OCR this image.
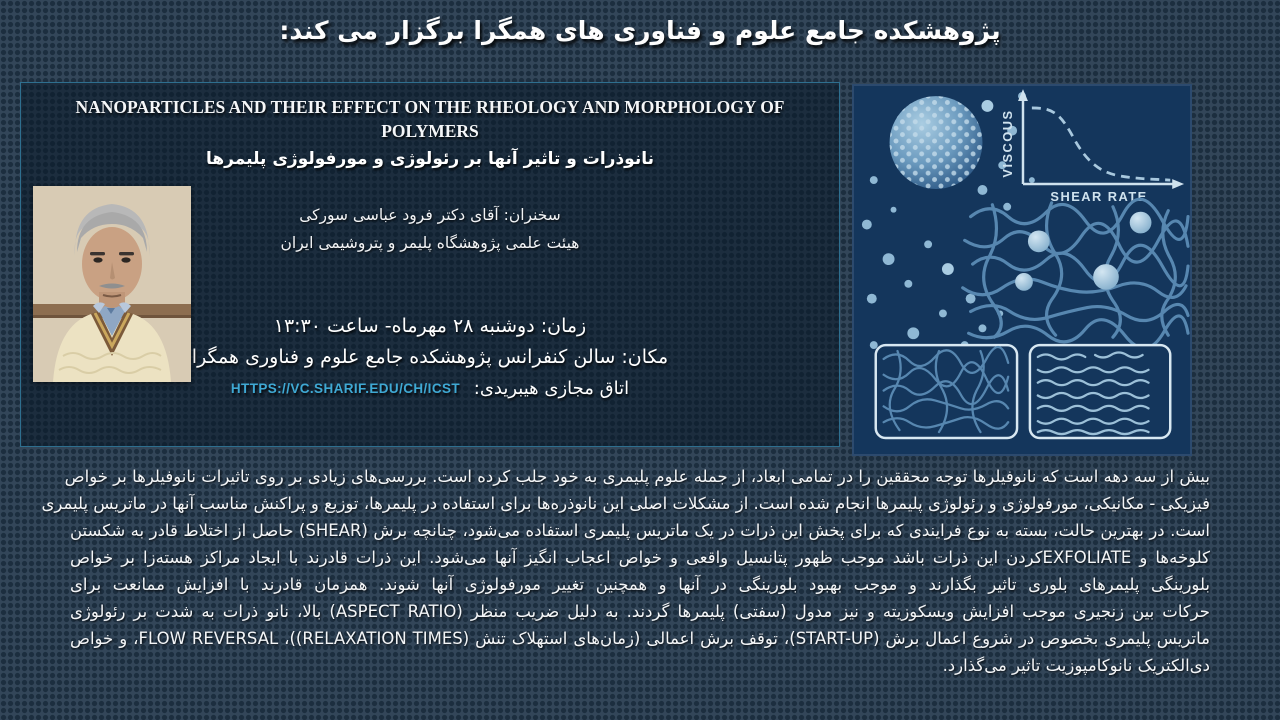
پژوهشکده جامع علوم و فناوری های همگرا برگزار می کند:
NANOPARTICLES AND THEIR EFFECT ON THE RHEOLOGY AND MORPHOLOGY OF POLYMERS
نانوذرات و تاثیر آنها بر رئولوژی و مورفولوژی پلیمرها
سخنران: آقای دکتر فرود عباسی سورکی
هیئت علمی پژوهشگاه پلیمر و پتروشیمی ایران
زمان: دوشنبه ۲۸ مهرماه- ساعت ۱۳:۳۰
مکان: سالن کنفرانس پژوهشکده جامع علوم و فناوری همگرا
اتاق مجازی هیبریدی: HTTPS://VC.SHARIF.EDU/CH/ICST
VISCOUS
SHEAR RATE
بیش از سه دهه است که نانوفیلرها توجه محققین را در تمامی ابعاد، از جمله علوم پلیمری به خود جلب کرده است. بررسی‌های زیادی بر روی تاثیرات نانوفیلرها بر خواص
فیزیکی - مکانیکی، مورفولوژی و رئولوژی پلیمرها انجام شده است. از مشکلات اصلی این نانوذره‌ها برای استفاده در پلیمرها، توزیع و پراکنش مناسب آنها در ماتریس پلیمری
است. در بهترین حالت، بسته به نوع فرایندی که برای پخش این ذرات در یک ماتریس پلیمری استفاده می‌شود، چنانچه برش (SHEAR) حاصل از اختلاط قادر به شکستن
کلوخه‌ها و EXFOLIATEکردن این ذرات باشد موجب ظهور پتانسیل واقعی و خواص اعجاب انگیز آنها می‌شود. این ذرات قادرند با ایجاد مراکز هسته‌زا بر خواص
بلورینگی پلیمرهای بلوری تاثیر بگذارند و موجب بهبود بلورینگی در آنها و همچنین تغییر مورفولوژی آنها شوند. همزمان قادرند با افزایش ممانعت برای
حرکات بین زنجیری موجب افزایش ویسکوزیته و نیز مدول (سفتی) پلیمرها گردند. به دلیل ضریب منظر (ASPECT RATIO) بالا، نانو ذرات به شدت بر رئولوژی
ماتریس پلیمری بخصوص در شروع اعمال برش (START-UP)، توقف برش اعمالی (زمان‌های استهلاک تنش (RELAXATION TIMES))، FLOW REVERSAL، و خواص
دی‌الکتریک نانوکامپوزیت تاثیر می‌گذارد.
